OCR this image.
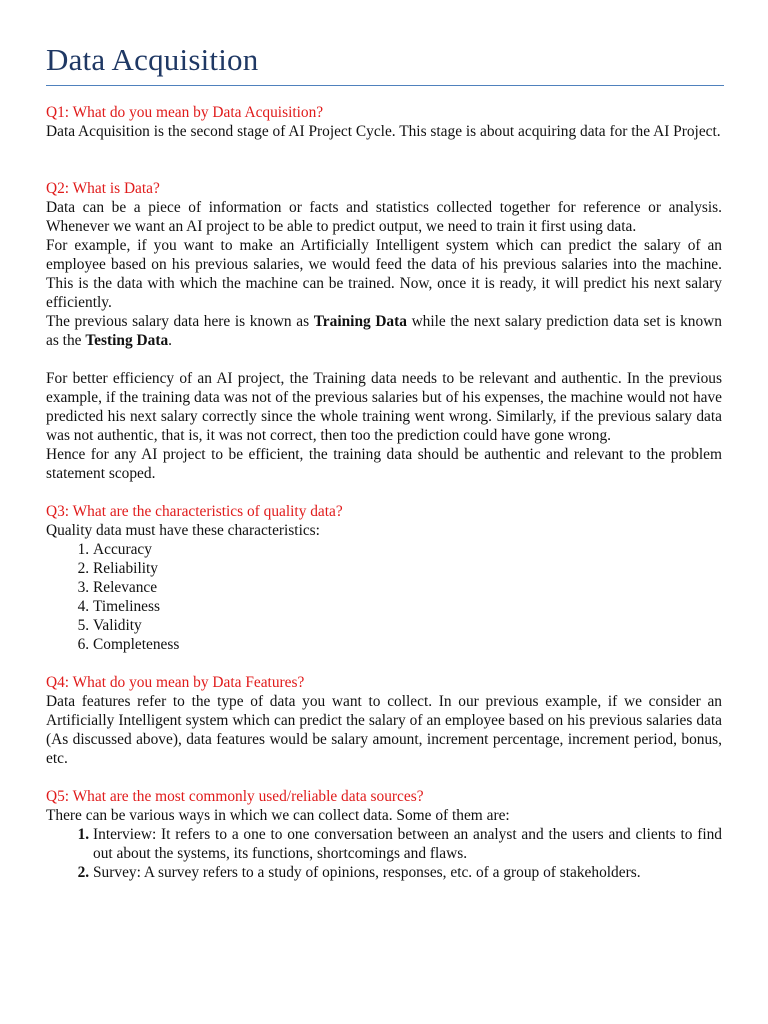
Data Acquisition

Q1: What do you mean by Data Acquisition?

Data Acquisition is the second stage of AI Project Cycle. This stage is about acquiring data for the AI Project.

Q2: What is Data?

Data can be a piece of information or facts and statistics collected together for reference or analysis. Whenever we want an AI project to be able to predict output, we need to train it first using data.

For example, if you want to make an Artificially Intelligent system which can predict the salary of an employee based on his previous salaries, we would feed the data of his previous salaries into the machine. This is the data with which the machine can be trained. Now, once it is ready, it will predict his next salary efficiently.

The previous salary data here is known as Training Data while the next salary prediction data set is known as the Testing Data.

For better efficiency of an AI project, the Training data needs to be relevant and authentic. In the previous example, if the training data was not of the previous salaries but of his expenses, the machine would not have predicted his next salary correctly since the whole training went wrong. Similarly, if the previous salary data was not authentic, that is, it was not correct, then too the prediction could have gone wrong.

Hence for any AI project to be efficient, the training data should be authentic and relevant to the problem statement scoped.

Q3: What are the characteristics of quality data?

Quality data must have these characteristics:

1. Accuracy
2. Reliability
3. Relevance
4. Timeliness
5. Validity
6. Completeness

Q4: What do you mean by Data Features?

Data features refer to the type of data you want to collect. In our previous example, if we consider an Artificially Intelligent system which can predict the salary of an employee based on his previous salaries data (As discussed above), data features would be salary amount, increment percentage, increment period, bonus, etc.

Q5: What are the most commonly used/reliable data sources?

There can be various ways in which we can collect data. Some of them are:

1. Interview: It refers to a one to one conversation between an analyst and the users and clients to find out about the systems, its functions, shortcomings and flaws.
2. Survey: A survey refers to a study of opinions, responses, etc. of a group of stakeholders.
